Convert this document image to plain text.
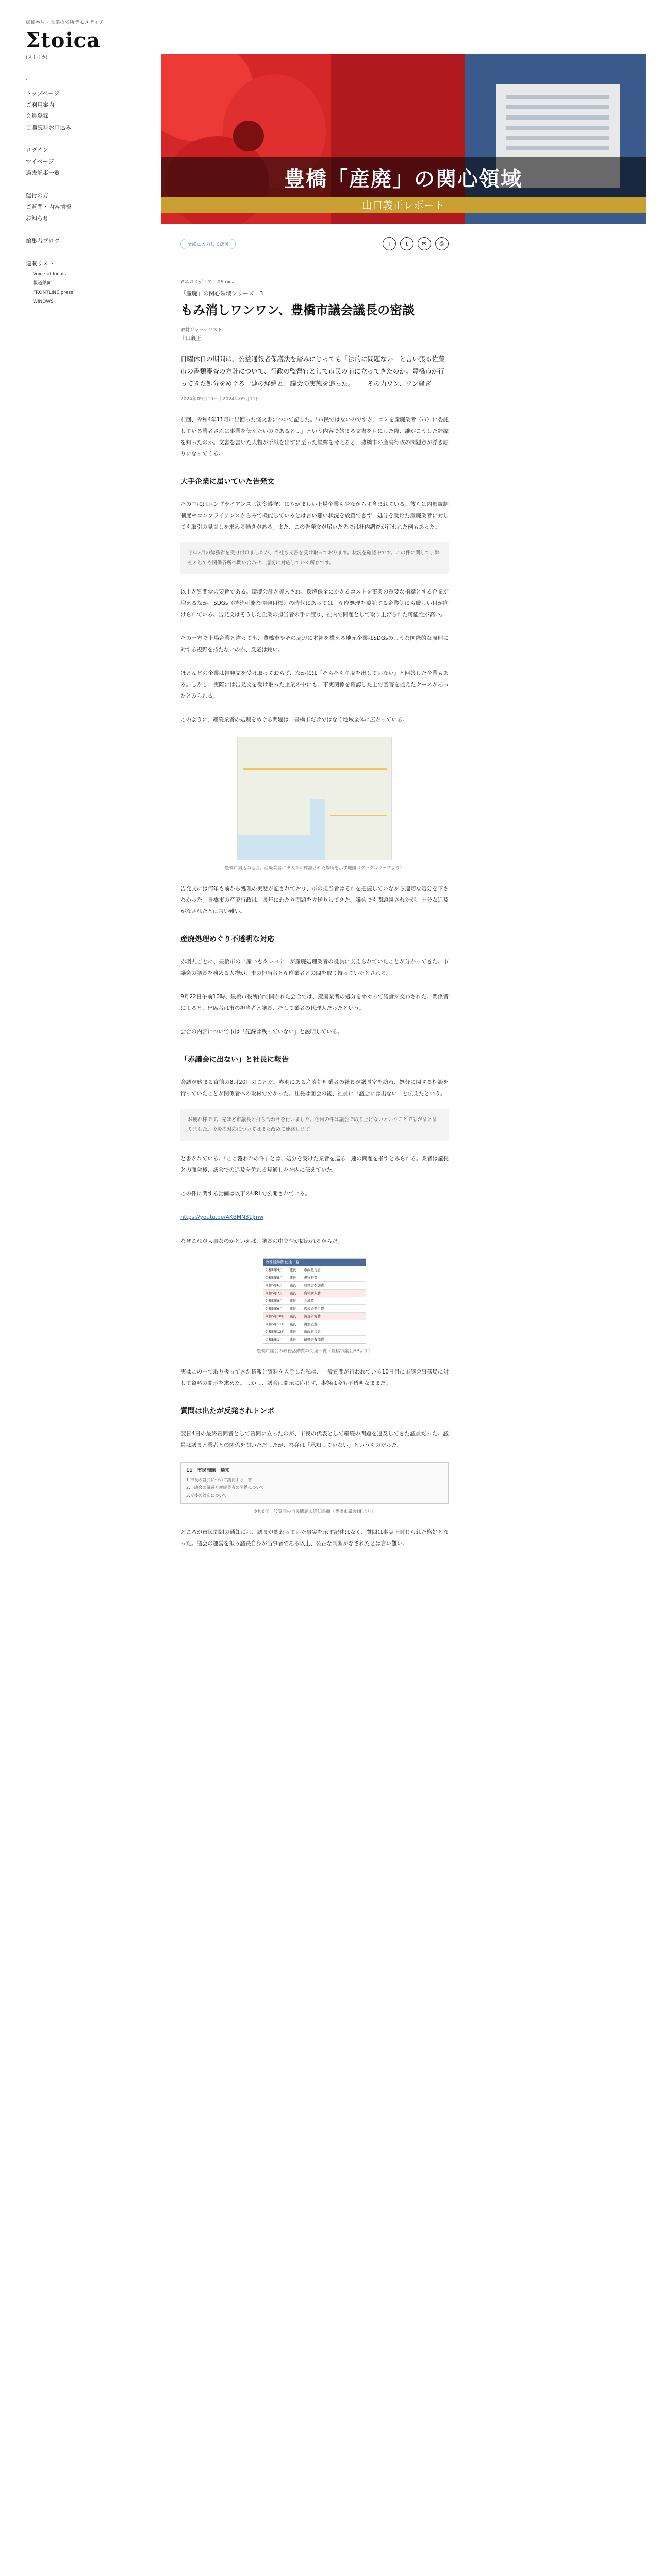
郵便番号・北部の名所デモメディア
Σtoica
(ストイカ)
⌕
トップページ
ご利用案内
会員登録
ご購読料お申込み
ログイン
マイページ
過去記事一覧
運行の方
ご質問・内容情報
お知らせ
編集者ブログ
連載リスト
Voice of locals
報道紙面
FRONTLINE press
WINDWS
豊橋「産廃」の関心領域
山口義正レポート
全部に入力して認可	f	t	✉	⎙
#エコメディア　#Stoica
「産廃」の関心領域シリーズ　3
もみ消しワンワン、豊橋市議会議長の密談
取材ジャーナリスト
山口義正

日曜休日の期間は、公益通報者保護法を踏みにじっても「法的に問題ない」と言い張る佐藤市の書類審査の方針について、行政の監督官として市民の前に立ってきたのか。豊橋市が行ってきた処分をめぐる一連の経緯と、議会の実態を追った。――その力ワン、ワン騒ぎ――

2024年09月10日｜2024年09月11日

前回、令和4年11月に出回った怪文書について記した。「市民ではないのですが、ゴミを産廃業者（市）に委託している業者さんは事業を伝えたいのであると…」という内容で始まる文書を目にした際、誰がこうした経緯を知ったのか。文書を書いた人物が手紙を出すに至った経緯を考えると、豊橋市の産廃行政の問題点が浮き彫りになってくる。

大手企業に届いていた告発文

その中にはコンプライアンス（法令遵守）にやかましい上場企業も少なからず含まれている。彼らは内部統制制度やコンプライアンスからみて機能しているとは言い難い状況を放置できず、処分を受けた産廃業者に対しても取引の見直しを求める動きがある。また、この告発文が届いた先では社内調査が行われた例もあった。

今年2月の総務省を受け付けましたが、当社も文書を受け取っております。状況を確認中です。この件に関して、弊社としても関係各所へ問い合わせ、適切に対応していく所存です。

以上が質問状の要旨である。環境会計が導入され、環境保全にかかるコストを事業の重要な指標とする企業が増えるなか、SDGs（持続可能な開発目標）の時代にあっては、産廃処理を委託する企業側にも厳しい目が向けられている。告発文はそうした企業の担当者の手に渡り、社内で問題として取り上げられた可能性が高い。

その一方で上場企業と違っても、豊橋市やその周辺に本社を構える地元企業はSDGsのような国際的な原則に対する視野を持たないのか、反応は鈍い。

ほとんどの企業は告発文を受け取っておらず、なかには「そもそも産廃を出していない」と回答した企業もある。しかし、実際には告発文を受け取った企業の中にも、事実関係を確認した上で回答を控えたケースがあったとみられる。

このように、産廃業者の処理をめぐる問題は、豊橋市だけではなく地域全体に広がっている。

豊橋市周辺の地図。産廃業者に出入りが確認された場所を示す地図（グーグルマップより）

告発文には何年も前から処理の実態が記されており、市の担当者はそれを把握していながら適切な処分を下さなかった。豊橋市の産廃行政は、長年にわたり問題を先送りしてきた。議会でも問題視されたが、十分な追及がなされたとは言い難い。

産廃処理めぐり不透明な対応

赤羽丸ごとに、豊橋市の「産いもクレバナ」が産廃処理業者の役員に支えられていたことが分かってきた。市議会の議長を務める人物が、市の担当者と産廃業者との間を取り持っていたとされる。

9月22日午前10時、豊橋市役所内で開かれた会合では、産廃業者の処分をめぐって議論が交わされた。関係者によると、出席者は市の担当者と議長、そして業者の代理人だったという。

会合の内容について市は「記録は残っていない」と説明している。

「赤議会に出ない」と社長に報告

会議が始まる直前の8月20日のことだ。赤羽にある産廃処理業者の社長が議長室を訪ね、処分に関する相談を行っていたことが関係者への取材で分かった。社長は面会の後、社員に「議会には出ない」と伝えたという。

お疲れ様です。先ほど市議長と打ち合わせを行いました。今回の件は議会で取り上げないということで話がまとまりました。今後の対応についてはまた改めて連絡します。

と書かれている。「ここ覆われの件」とは、処分を受けた業者を巡る一連の問題を指すとみられる。業者は議長との面会後、議会での追及を免れる見通しを社内に伝えていた。

この件に関する動画は以下のURLで公開されている。

https://youtu.be/AKBMN31Jmw

なぜこれが大事なのかといえば、議長の中立性が問われるからだ。

政務活動費 使途一覧
令和5年4月	議長	市政報告会
令和5年5月	議長	視察旅費
令和5年6月	議長	研修会参加費
令和5年7月	議長	資料購入費
令和5年8月	議長	会議費
令和5年9月	議長	広報紙発行費
令和5年10月	議長	調査研究費
令和5年11月	議長	視察旅費
令和5年12月	議長	市政報告会
令和6年1月	議長	研修会参加費
豊橋市議会の政務活動費の使途一覧（豊橋市議会HPより）

実はこの中で取り扱ってきた情報と資料を入手した私は、一般質問が行われている10日目に市議会事務局に対して資料の開示を求めた。しかし、議会は開示に応じず、事態は今も不透明なままだ。

質問は出たが反発されトンボ

翌日4日の最終質問者として質問に立ったのが、市民の代表として産廃の問題を追及してきた議員だった。議員は議長と業者との関係を問いただしたが、答弁は「承知していない」というものだった。

11　市民問題　通知
1.市長の答弁について議長より回答
2.市議会の議長と産廃業者の関係について
3.今後の対応について
令和6年一般質問の市民問題の通知書面（豊橋市議会HPより）

ところが市民問題の通知には、議長が関わっていた事実を示す記述はなく、質問は事実上封じられた格好となった。議会の運営を担う議長自身が当事者である以上、公正な判断がなされたとは言い難い。
